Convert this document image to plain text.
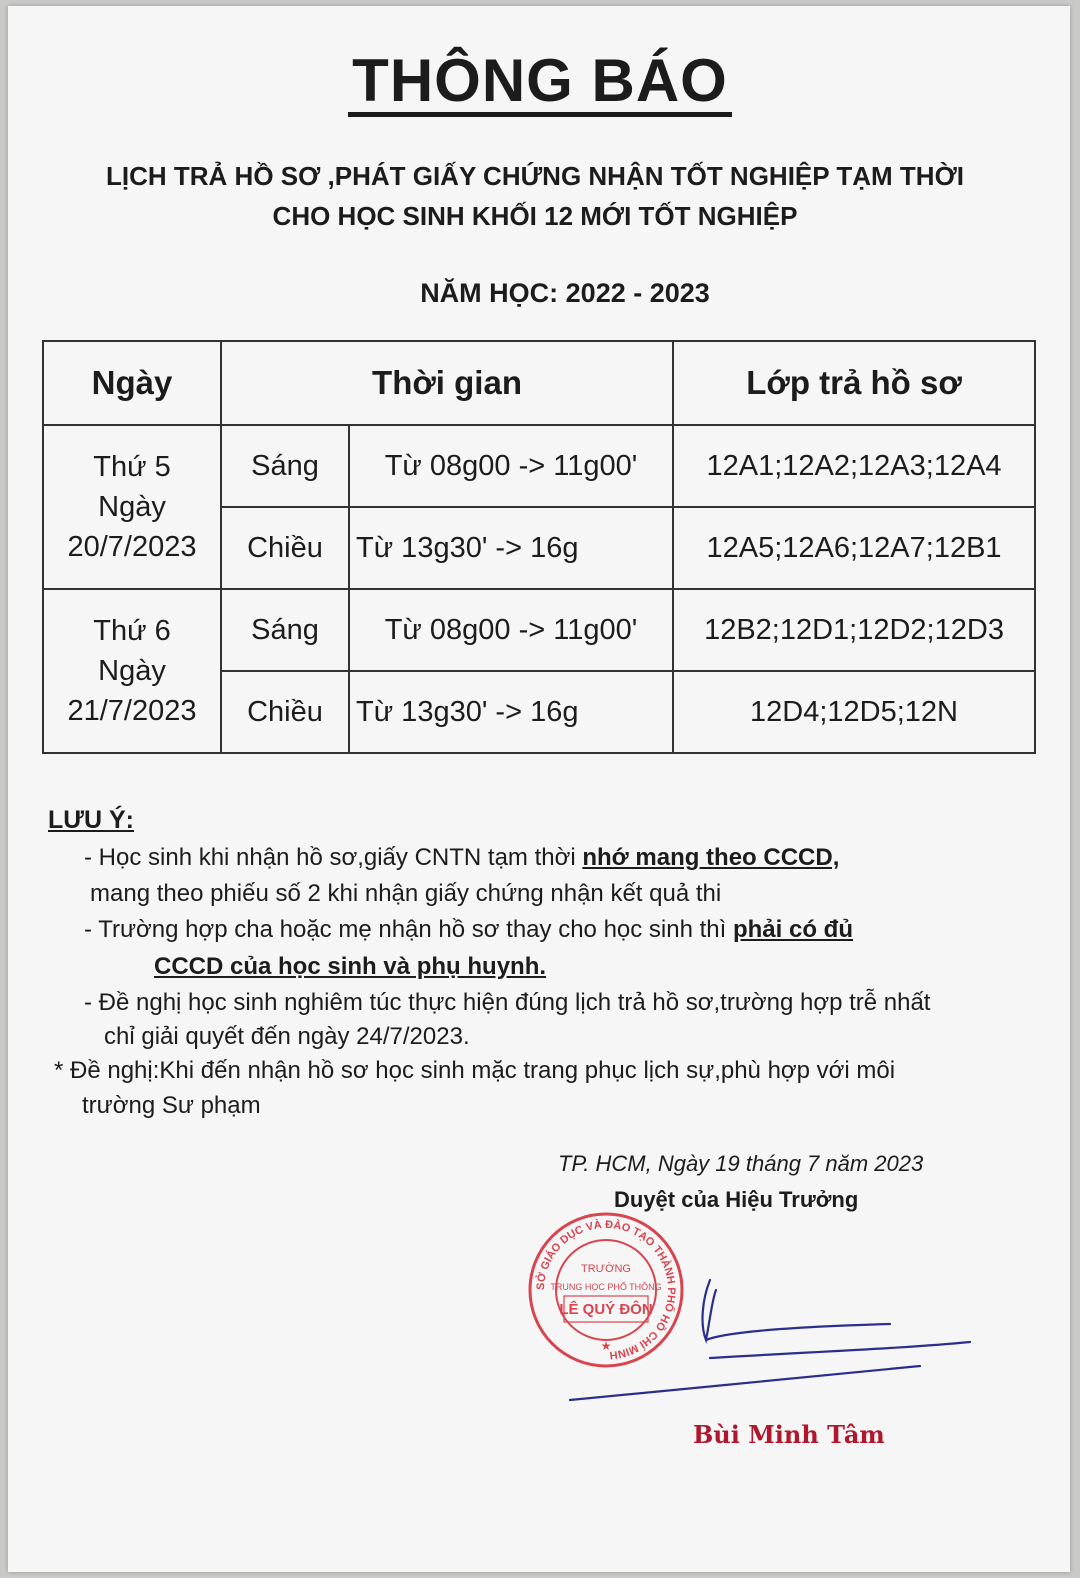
THÔNG BÁO
LỊCH TRẢ HỒ SƠ ,PHÁT GIẤY CHỨNG NHẬN TỐT NGHIỆP TẠM THỜI
CHO HỌC SINH KHỐI 12 MỚI TỐT NGHIỆP
NĂM HỌC: 2022 - 2023
Ngày	Thời gian		Lớp trả hồ sơ

Thứ 5
Ngày
20/7/2023	Sáng	Từ 08g00 -> 11g00'	12A1;12A2;12A3;12A4
	Chiều	Từ 13g30' -> 16g	12A5;12A6;12A7;12B1

Thứ 6
Ngày
21/7/2023	Sáng	Từ 08g00 -> 11g00'	12B2;12D1;12D2;12D3
	Chiều	Từ 13g30' -> 16g	12D4;12D5;12N
LƯU Ý:
- Học sinh khi nhận hồ sơ,giấy CNTN tạm thời nhớ mang theo CCCD,
mang theo phiếu số 2 khi nhận giấy chứng nhận kết quả thi
- Trường hợp cha hoặc mẹ nhận hồ sơ thay cho học sinh thì phải có đủ
CCCD của học sinh và phụ huynh.
- Đề nghị học sinh nghiêm túc thực hiện đúng lịch trả hồ sơ,trường hợp trễ nhất
chỉ giải quyết đến ngày 24/7/2023.
* Đề nghị:Khi đến nhận hồ sơ học sinh mặc trang phục lịch sự,phù hợp với môi
trường Sư phạm
TP. HCM, Ngày 19 tháng 7 năm 2023
Duyệt của Hiệu Trưởng
SỞ GIÁO DỤC VÀ ĐÀO TẠO THÀNH PHỐ HỒ CHÍ MINH
TRƯỜNG
TRUNG HỌC PHỔ THÔNG
LÊ QUÝ ĐÔN
★
Bùi Minh Tâm
